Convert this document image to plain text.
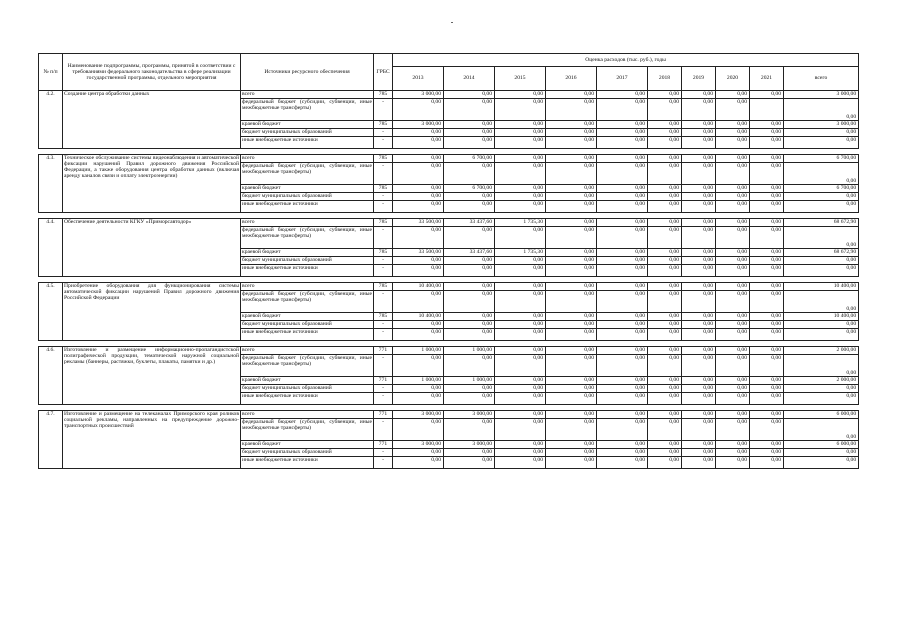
№ п/п	Наименование подпрограммы, программы, принятой в соответствии с требованиями федерального законодательства в сфере реализации государственной программы, отдельного мероприятия	Источники ресурсного обеспечения	ГРБС	Оценка расходов (тыс. руб.), годы									
				2013	2014	2015	2016	2017	2018	2019	2020	2021	всего
4.2.	Создание центра обработки данных	всего	785	3 000,00	0,00	0,00	0,00	0,00	0,00	0,00	0,00	0,00	3 000,00
		федеральный бюджет (субсидии, субвенции, иные межбюджетные трансферты)	-	0,00	0,00	0,00	0,00	0,00	0,00	0,00	0,00		0,00
		краевой бюджет	785	3 000,00	0,00	0,00	0,00	0,00	0,00	0,00	0,00	0,00	3 000,00
		бюджет муниципальных образований	-	0,00	0,00	0,00	0,00	0,00	0,00	0,00	0,00	0,00	0,00
		иные внебюджетные источники	-	0,00	0,00	0,00	0,00	0,00	0,00	0,00	0,00	0,00	0,00

4.3.	Техническое обслуживание системы видеонаблюдения и автоматической фиксации нарушений Правил дорожного движения Российской Федерации, а также оборудования центра обработки данных (включая аренду каналов связи и оплату электроэнергии)	всего	785	0,00	6 700,00	0,00	0,00	0,00	0,00	0,00	0,00	0,00	6 700,00
		федеральный бюджет (субсидии, субвенции, иные межбюджетные трансферты)	-	0,00	0,00	0,00	0,00	0,00	0,00	0,00	0,00	0,00	0,00
		краевой бюджет	785	0,00	6 700,00	0,00	0,00	0,00	0,00	0,00	0,00	0,00	6 700,00
		бюджет муниципальных образований	-	0,00	0,00	0,00	0,00	0,00	0,00	0,00	0,00	0,00	0,00
		иные внебюджетные источники	-	0,00	0,00	0,00	0,00	0,00	0,00	0,00	0,00	0,00	0,00

4.4.	Обеспечение деятельности КГКУ «Приморсавтодор»	всего	785	33 500,00	33 437,60	1 735,30	0,00	0,00	0,00	0,00	0,00	0,00	68 672,90
		федеральный бюджет (субсидии, субвенции, иные межбюджетные трансферты)	-	0,00	0,00	0,00	0,00	0,00	0,00	0,00	0,00	0,00	0,00
		краевой бюджет	785	33 500,00	33 437,60	1 735,30	0,00	0,00	0,00	0,00	0,00	0,00	68 672,90
		бюджет муниципальных образований	-	0,00	0,00	0,00	0,00	0,00	0,00	0,00	0,00	0,00	0,00
		иные внебюджетные источники	-	0,00	0,00	0,00	0,00	0,00	0,00	0,00	0,00	0,00	0,00

4.5.	Приобретение оборудования для функционирования системы автоматической фиксации нарушений Правил дорожного движения Российской Федерации	всего	785	10 400,00	0,00	0,00	0,00	0,00	0,00	0,00	0,00	0,00	10 400,00
		федеральный бюджет (субсидии, субвенции, иные межбюджетные трансферты)	-	0,00	0,00	0,00	0,00	0,00	0,00	0,00	0,00	0,00	0,00
		краевой бюджет	785	10 400,00	0,00	0,00	0,00	0,00	0,00	0,00	0,00	0,00	10 400,00
		бюджет муниципальных образований	-	0,00	0,00	0,00	0,00	0,00	0,00	0,00	0,00	0,00	0,00
		иные внебюджетные источники	-	0,00	0,00	0,00	0,00	0,00	0,00	0,00	0,00	0,00	0,00

4.6.	Изготовление и размещение информационно-пропагандистской полиграфической продукции, тематической наружной социальной рекламы (баннеры, растяжки, буклеты, плакаты, памятки и др.)	всего	771	1 000,00	1 000,00	0,00	0,00	0,00	0,00	0,00	0,00	0,00	2 000,00
		федеральный бюджет (субсидии, субвенции, иные межбюджетные трансферты)	-	0,00	0,00	0,00	0,00	0,00	0,00	0,00	0,00	0,00	0,00
		краевой бюджет	771	1 000,00	1 000,00	0,00	0,00	0,00	0,00	0,00	0,00	0,00	2 000,00
		бюджет муниципальных образований	-	0,00	0,00	0,00	0,00	0,00	0,00	0,00	0,00	0,00	0,00
		иные внебюджетные источники	-	0,00	0,00	0,00	0,00	0,00	0,00	0,00	0,00	0,00	0,00

4.7.	Изготовление и размещение на телеканалах Приморского края роликов социальной рекламы, направленных на предупреждение дорожно-транспортных происшествий	всего	771	3 000,00	3 000,00	0,00	0,00	0,00	0,00	0,00	0,00	0,00	6 000,00
		федеральный бюджет (субсидии, субвенции, иные межбюджетные трансферты)	-	0,00	0,00	0,00	0,00	0,00	0,00	0,00	0,00	0,00	0,00
		краевой бюджет	771	3 000,00	3 000,00	0,00	0,00	0,00	0,00	0,00	0,00	0,00	6 000,00
		бюджет муниципальных образований	-	0,00	0,00	0,00	0,00	0,00	0,00	0,00	0,00	0,00	0,00
		иные внебюджетные источники	-	0,00	0,00	0,00	0,00	0,00	0,00	0,00	0,00	0,00	0,00
